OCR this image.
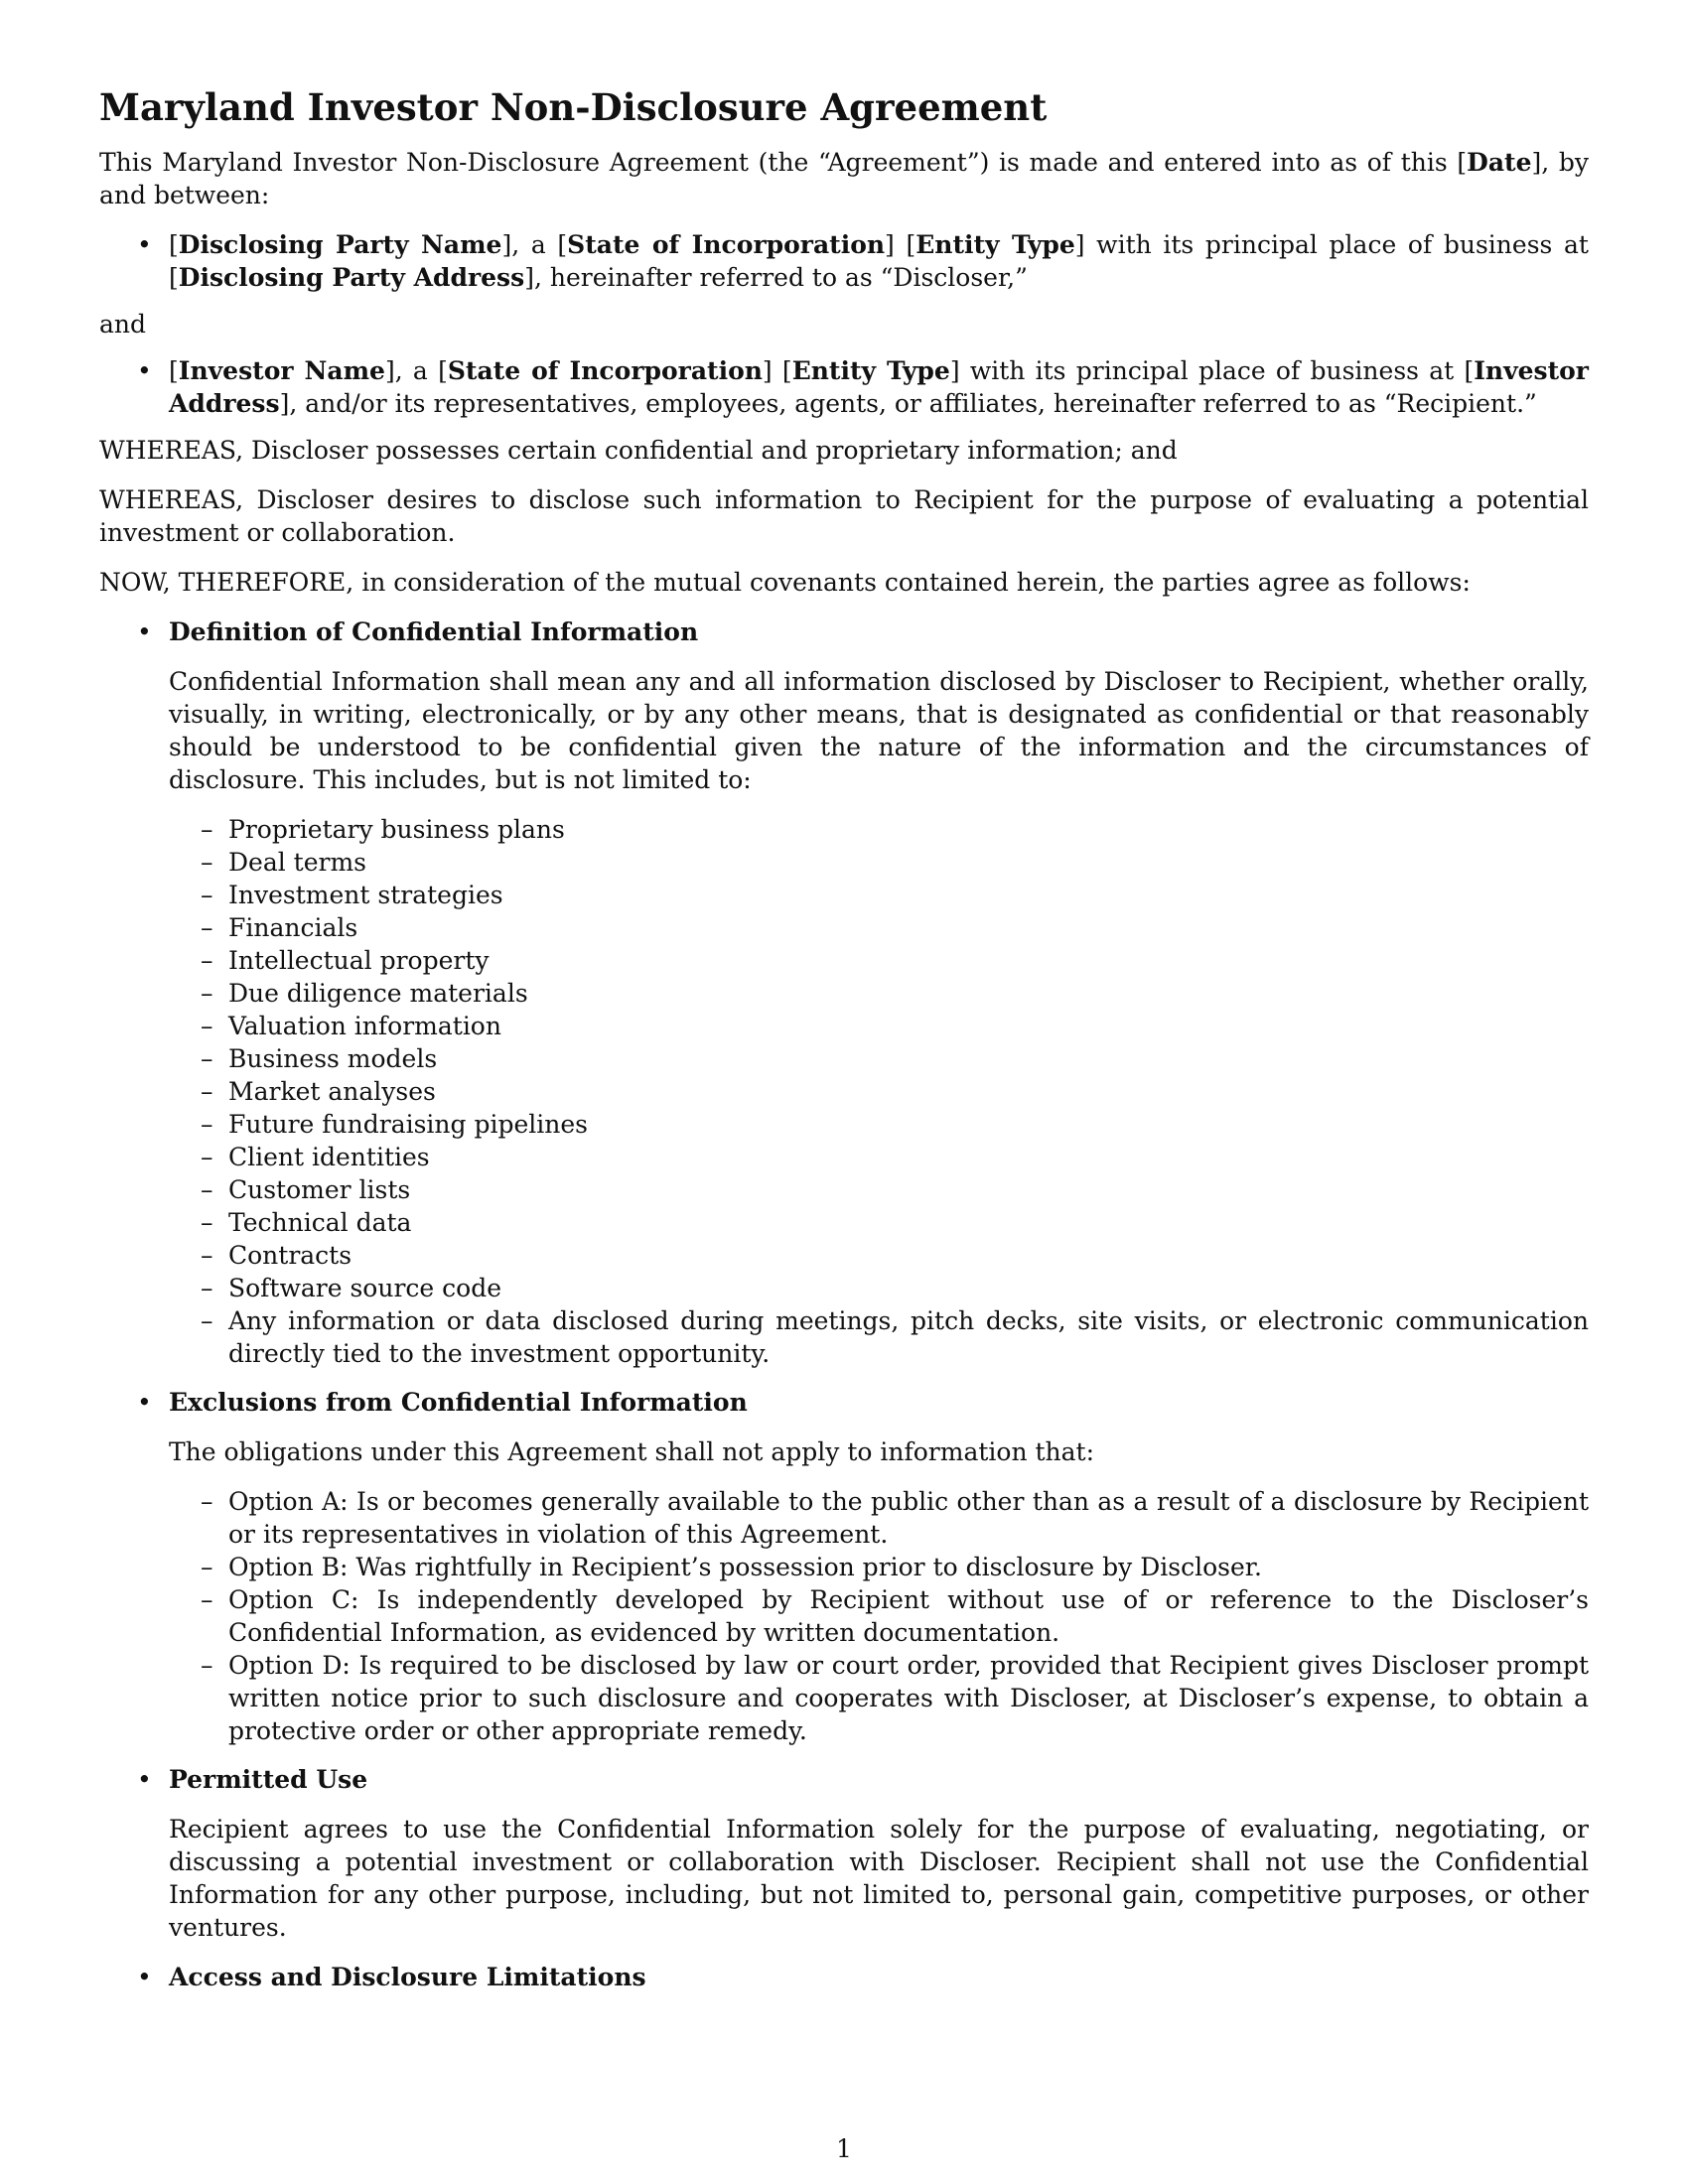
Maryland Investor Non-Disclosure Agreement

This Maryland Investor Non-Disclosure Agreement (the “Agreement”) is made and entered into as of this [Date], by and between:

• [Disclosing Party Name], a [State of Incorporation] [Entity Type] with its principal place of business at [Disclosing Party Address], hereinafter referred to as “Discloser,”

and

• [Investor Name], a [State of Incorporation] [Entity Type] with its principal place of business at [Investor Address], and/or its representatives, employees, agents, or affiliates, hereinafter referred to as “Recipient.”

WHEREAS, Discloser possesses certain confidential and proprietary information; and

WHEREAS, Discloser desires to disclose such information to Recipient for the purpose of evaluating a potential investment or collaboration.

NOW, THEREFORE, in consideration of the mutual covenants contained herein, the parties agree as follows:

• Definition of Confidential Information
Confidential Information shall mean any and all information disclosed by Discloser to Recipient, whether orally, visually, in writing, electronically, or by any other means, that is designated as confidential or that reasonably should be understood to be confidential given the nature of the information and the circumstances of disclosure. This includes, but is not limited to:
– Proprietary business plans
– Deal terms
– Investment strategies
– Financials
– Intellectual property
– Due diligence materials
– Valuation information
– Business models
– Market analyses
– Future fundraising pipelines
– Client identities
– Customer lists
– Technical data
– Contracts
– Software source code
– Any information or data disclosed during meetings, pitch decks, site visits, or electronic communication directly tied to the investment opportunity.
• Exclusions from Confidential Information
The obligations under this Agreement shall not apply to information that:
– Option A: Is or becomes generally available to the public other than as a result of a disclosure by Recipient or its representatives in violation of this Agreement.
– Option B: Was rightfully in Recipient’s possession prior to disclosure by Discloser.
– Option C: Is independently developed by Recipient without use of or reference to the Discloser’s Confidential Information, as evidenced by written documentation.
– Option D: Is required to be disclosed by law or court order, provided that Recipient gives Discloser prompt written notice prior to such disclosure and cooperates with Discloser, at Discloser’s expense, to obtain a protective order or other appropriate remedy.
• Permitted Use
Recipient agrees to use the Confidential Information solely for the purpose of evaluating, negotiating, or discussing a potential investment or collaboration with Discloser. Recipient shall not use the Confidential Information for any other purpose, including, but not limited to, personal gain, competitive purposes, or other ventures.
• Access and Disclosure Limitations
1
